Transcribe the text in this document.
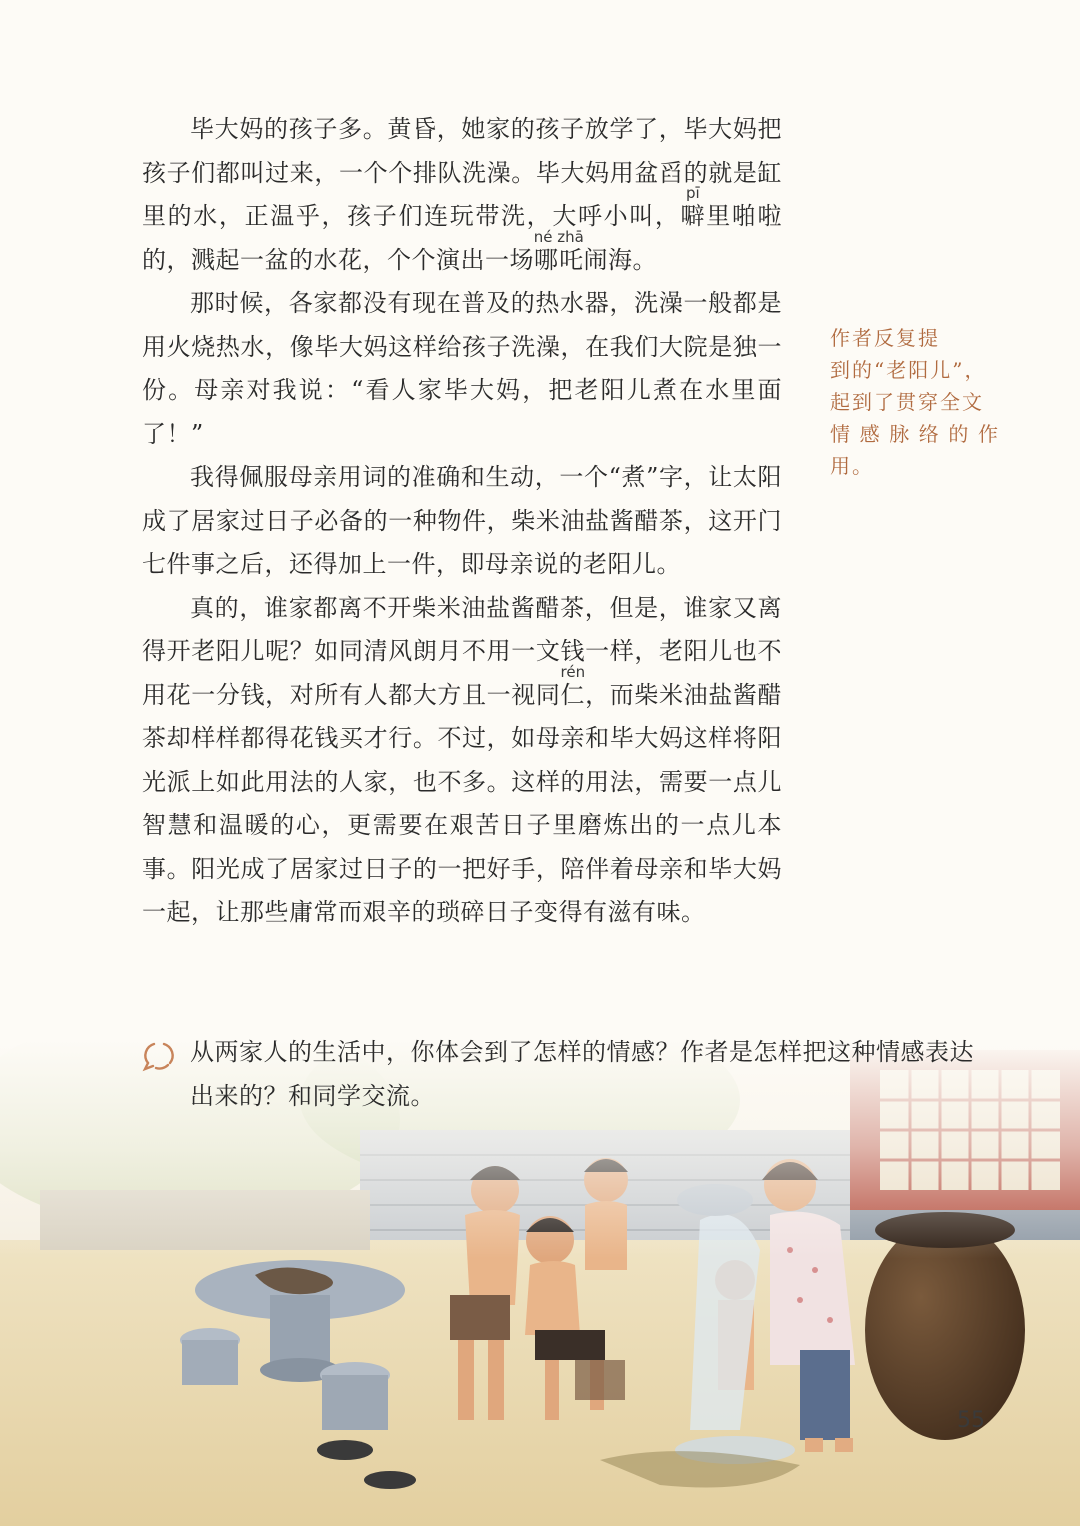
毕大妈的孩子多。黄昏，她家的孩子放学了，毕大妈把孩子们都叫过来，一个个排队洗澡。毕大妈用盆舀的就是缸里的水，正温乎，孩子们连玩带洗，大呼小叫，噼pī里啪啦的，溅起一盆的水花，个个演出一场哪吒né zhā闹海。

那时候，各家都没有现在普及的热水器，洗澡一般都是用火烧热水，像毕大妈这样给孩子洗澡，在我们大院是独一份。母亲对我说：“看人家毕大妈，把老阳儿煮在水里面了！”

我得佩服母亲用词的准确和生动，一个“煮”字，让太阳成了居家过日子必备的一种物件，柴米油盐酱醋茶，这开门七件事之后，还得加上一件，即母亲说的老阳儿。

真的，谁家都离不开柴米油盐酱醋茶，但是，谁家又离得开老阳儿呢？如同清风朗月不用一文钱一样，老阳儿也不用花一分钱，对所有人都大方且一视同仁rén，而柴米油盐酱醋茶却样样都得花钱买才行。不过，如母亲和毕大妈这样将阳光派上如此用法的人家，也不多。这样的用法，需要一点儿智慧和温暖的心，更需要在艰苦日子里磨炼出的一点儿本事。阳光成了居家过日子的一把好手，陪伴着母亲和毕大妈一起，让那些庸常而艰辛的琐碎日子变得有滋有味。

作者反复提
到的“老阳儿”，
起到了贯穿全文
情感脉络的作用。
从两家人的生活中，你体会到了怎样的情感？作者是怎样把这种情感表达
出来的？和同学交流。
55
